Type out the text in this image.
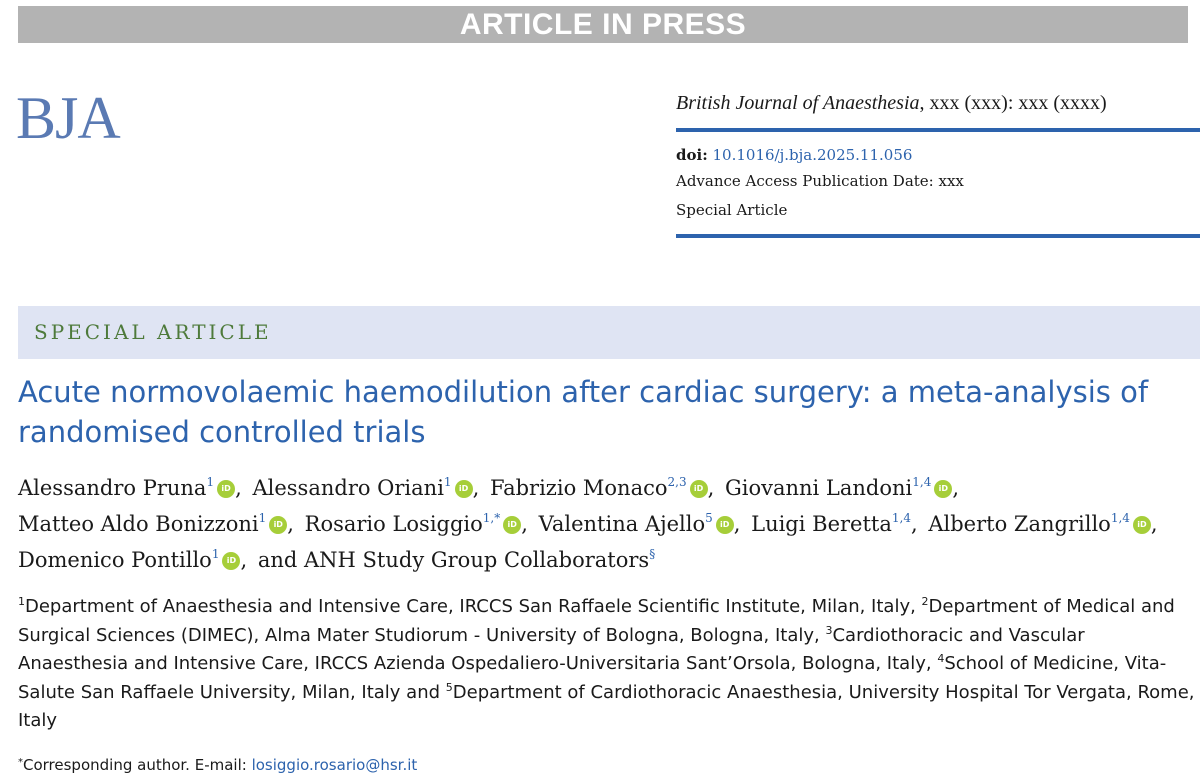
ARTICLE IN PRESS
BJA	British Journal of Anaesthesia, xxx (xxx): xxx (xxxx)
doi: 10.1016/j.bja.2025.11.056
Advance Access Publication Date: xxx
Special Article
SPECIAL ARTICLE
Acute normovolaemic haemodilution after cardiac surgery: a meta-analysis of randomised controlled trials
Alessandro Pruna$^1$ iD , Alessandro Oriani$^1$ iD , Fabrizio Monaco$^{2,3}$ iD , Giovanni Landoni$^{1,4}$ iD , Matteo Aldo Bonizzoni$^1$ iD , Rosario Losiggio$^{1,*}$ iD , Valentina Ajello$^5$ iD , Luigi Beretta$^{1,4}$, Alberto Zangrillo$^{1,4}$ iD , Domenico Pontillo$^1$ iD , and ANH Study Group Collaborators§
$^1$Department of Anaesthesia and Intensive Care, IRCCS San Raffaele Scientific Institute, Milan, Italy, $^2$Department of Medical and Surgical Sciences (DIMEC), Alma Mater Studiorum - University of Bologna, Bologna, Italy, $^3$Cardiothoracic and Vascular Anaesthesia and Intensive Care, IRCCS Azienda Ospedaliero-Universitaria Sant’Orsola, Bologna, Italy, $^4$School of Medicine, Vita-Salute San Raffaele University, Milan, Italy and $^5$Department of Cardiothoracic Anaesthesia, University Hospital Tor Vergata, Rome, Italy
*Corresponding author. E-mail: losiggio.rosario@hsr.it
